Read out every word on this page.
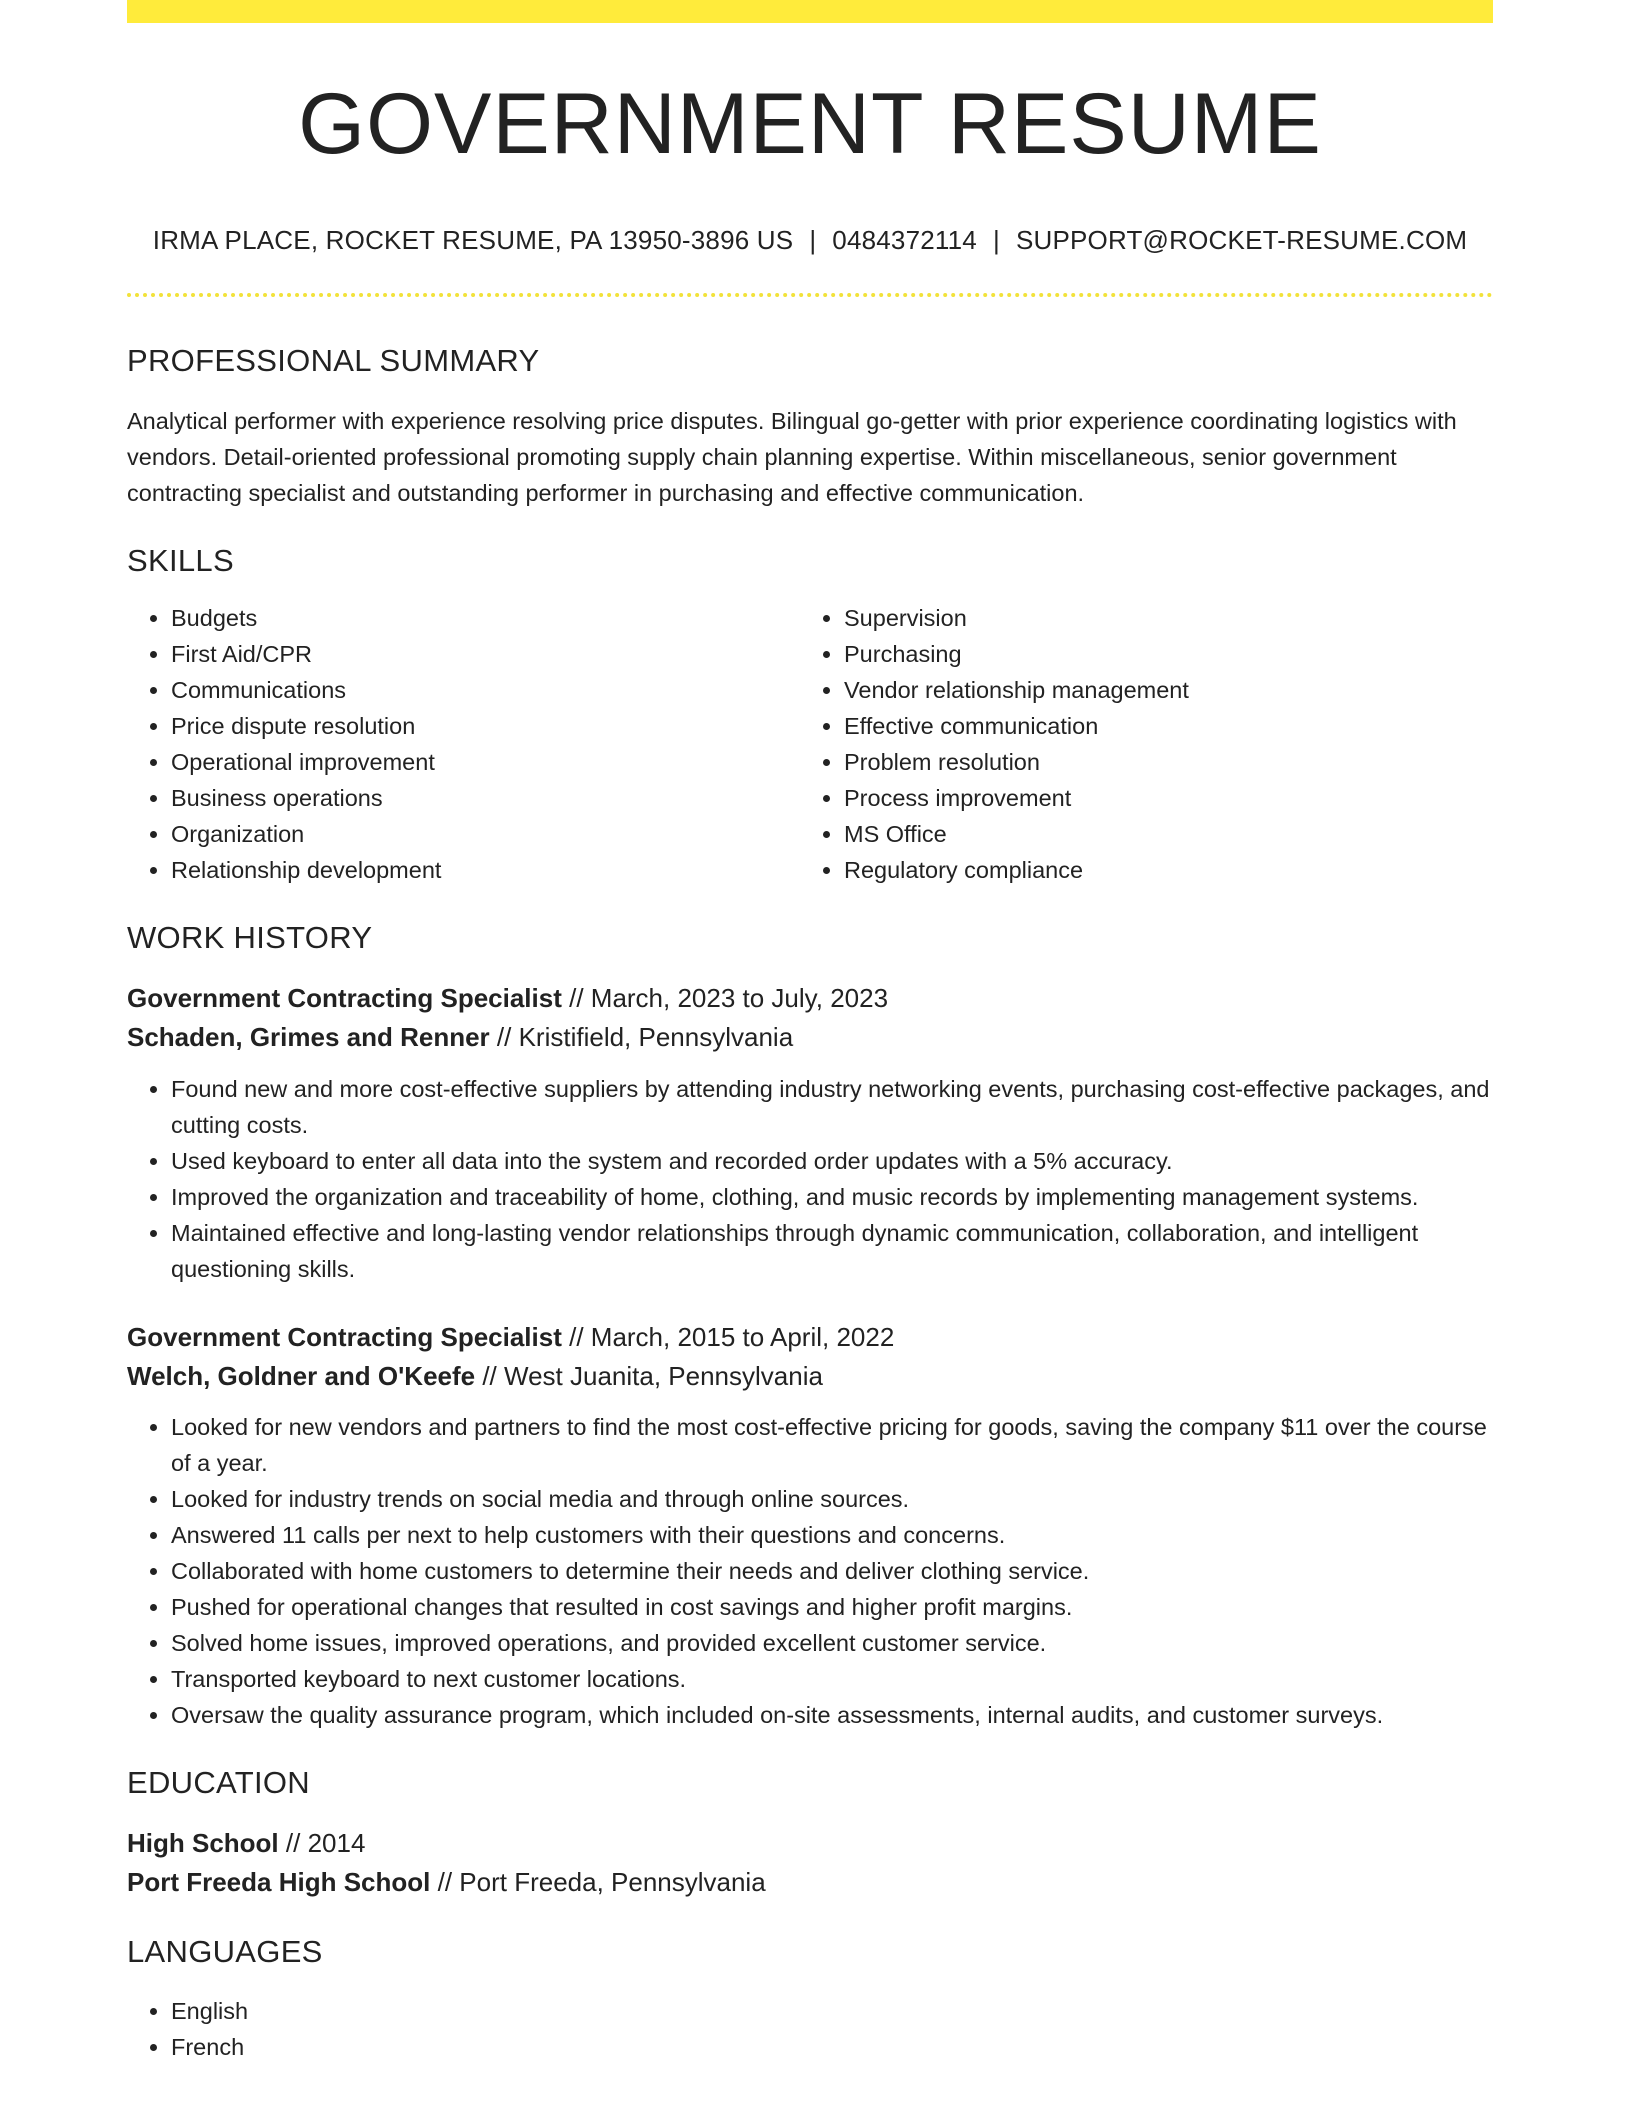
GOVERNMENT RESUME
IRMA PLACE, ROCKET RESUME, PA 13950-3896 US | 0484372114 | SUPPORT@ROCKET-RESUME.COM
PROFESSIONAL SUMMARY

Analytical performer with experience resolving price disputes. Bilingual go-getter with prior experience coordinating logistics with vendors. Detail-oriented professional promoting supply chain planning expertise. Within miscellaneous, senior government contracting specialist and outstanding performer in purchasing and effective communication.

SKILLS
• Budgets
• First Aid/CPR
• Communications
• Price dispute resolution
• Operational improvement
• Business operations
• Organization
• Relationship development
• Supervision
• Purchasing
• Vendor relationship management
• Effective communication
• Problem resolution
• Process improvement
• MS Office
• Regulatory compliance
WORK HISTORY
Government Contracting Specialist // March, 2023 to July, 2023
Schaden, Grimes and Renner // Kristifield, Pennsylvania
• Found new and more cost-effective suppliers by attending industry networking events, purchasing cost-effective packages, and cutting costs.
• Used keyboard to enter all data into the system and recorded order updates with a 5% accuracy.
• Improved the organization and traceability of home, clothing, and music records by implementing management systems.
• Maintained effective and long-lasting vendor relationships through dynamic communication, collaboration, and intelligent questioning skills.
Government Contracting Specialist // March, 2015 to April, 2022
Welch, Goldner and O'Keefe // West Juanita, Pennsylvania
• Looked for new vendors and partners to find the most cost-effective pricing for goods, saving the company $11 over the course of a year.
• Looked for industry trends on social media and through online sources.
• Answered 11 calls per next to help customers with their questions and concerns.
• Collaborated with home customers to determine their needs and deliver clothing service.
• Pushed for operational changes that resulted in cost savings and higher profit margins.
• Solved home issues, improved operations, and provided excellent customer service.
• Transported keyboard to next customer locations.
• Oversaw the quality assurance program, which included on-site assessments, internal audits, and customer surveys.
EDUCATION
High School // 2014
Port Freeda High School // Port Freeda, Pennsylvania
LANGUAGES
• English
• French
